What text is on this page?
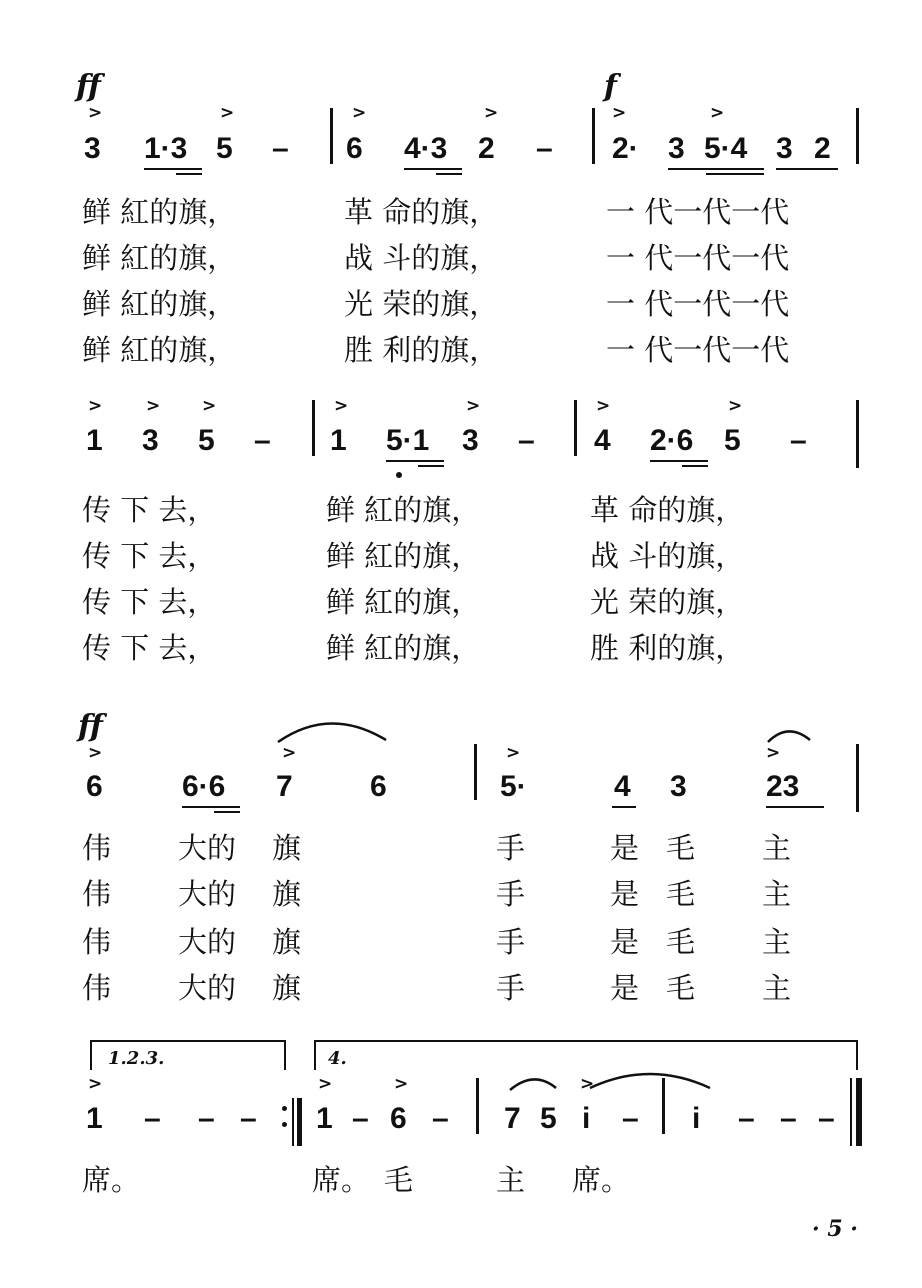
ff	f
>	>	>	>	>	>
3 1·3 5 – 6 4·3 2 – 2· 3 5·4 3 2
鲜 紅的旗，	革 命的旗，	一 代一代一代
鲜 紅的旗，	战 斗的旗，	一 代一代一代
鲜 紅的旗，	光 荣的旗，	一 代一代一代
鲜 紅的旗，	胜 利的旗，	一 代一代一代
>	> >	>	>	>	>
1 3 5 – 1 5·1 3 – 4 2·6 5 –
传 下 去，	鲜 紅的旗，	革 命的旗，
传 下 去，	鲜 紅的旗，	战 斗的旗，
传 下 去，	鲜 紅的旗，	光 荣的旗，
传 下 去，	鲜 紅的旗，	胜 利的旗，
ff
>	>	>	>
6	6·6 7	6	5·	4 3	23
伟 大的 旗	手	是 毛 主
伟 大的 旗	手	是 毛 主
伟 大的 旗	手	是 毛 主
伟 大的 旗	手	是 毛 主
1.2.3.	4.
>	>	>	>
1 – – – 1 – 6 – 7 5 i – i – – –
席。	席。 毛	主 席。
· 5 ·
